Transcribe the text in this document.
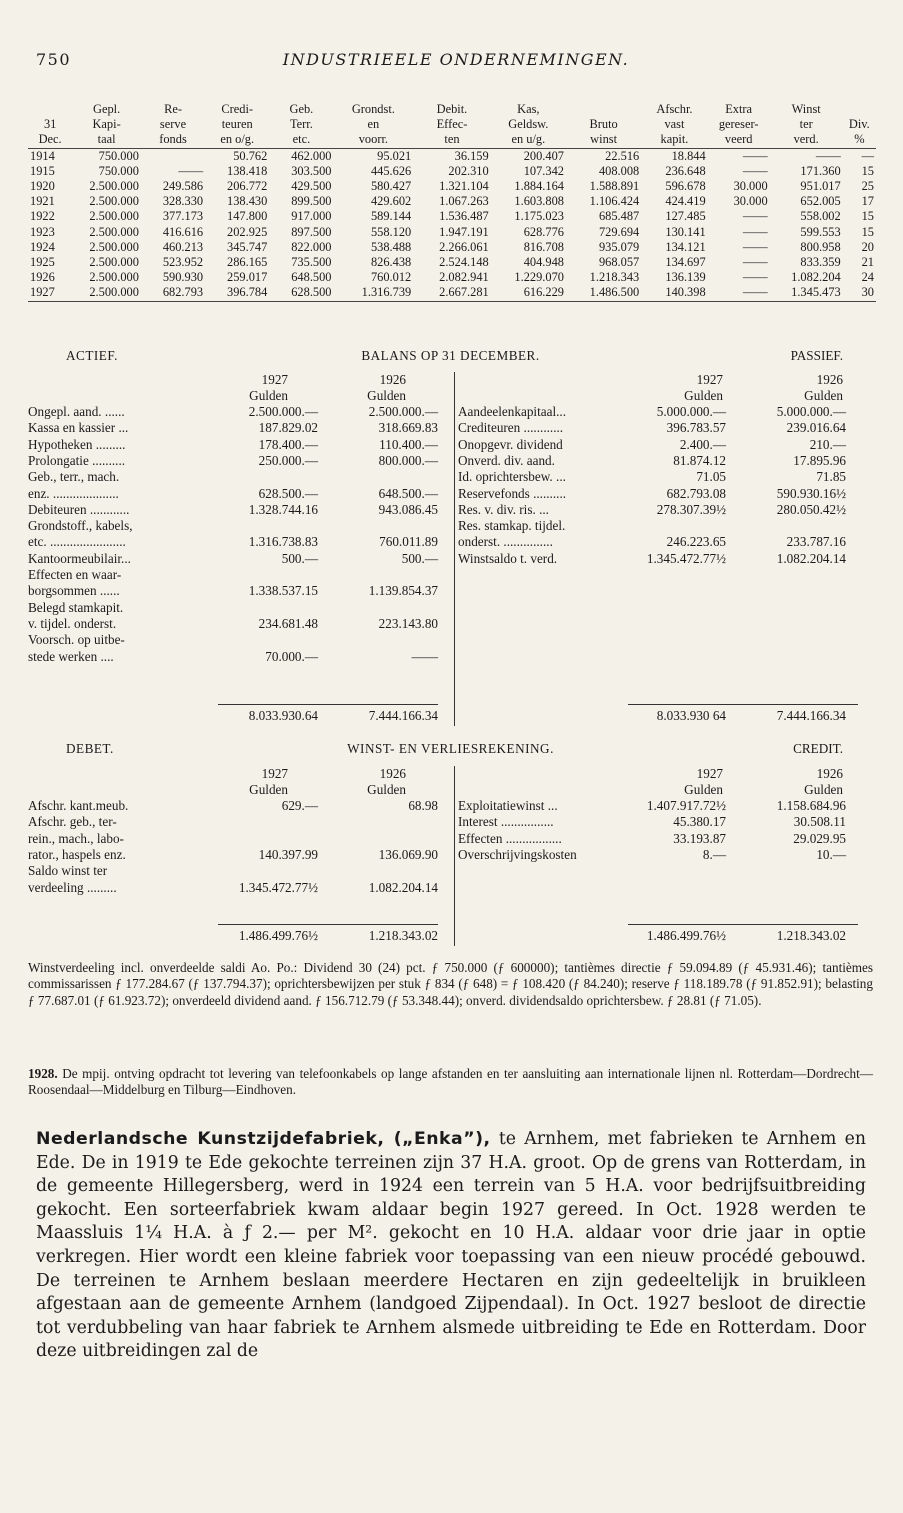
750	INDUSTRIEELE ONDERNEMINGEN.
	Gepl.	Re-	Credi-	Geb.	Grondst.	Debit.	Kas,		Afschr.	Extra	Winst	
31	Kapi-	serve	teuren	Terr.	en	Effec-	Geldsw.	Bruto	vast	gereser-	ter	Div.
Dec.	taal	fonds	en o/g.	etc.	voorr.	ten	en u/g.	winst	kapit.	veerd	verd.	%
1914	750.000		50.762	462.000	95.021	36.159	200.407	22.516	18.844	——	——	—
1915	750.000	——	138.418	303.500	445.626	202.310	107.342	408.008	236.648	——	171.360	15
1920	2.500.000	249.586	206.772	429.500	580.427	1.321.104	1.884.164	1.588.891	596.678	30.000	951.017	25
1921	2.500.000	328.330	138.430	899.500	429.602	1.067.263	1.603.808	1.106.424	424.419	30.000	652.005	17
1922	2.500.000	377.173	147.800	917.000	589.144	1.536.487	1.175.023	685.487	127.485	——	558.002	15
1923	2.500.000	416.616	202.925	897.500	558.120	1.947.191	628.776	729.694	130.141	——	599.553	15
1924	2.500.000	460.213	345.747	822.000	538.488	2.266.061	816.708	935.079	134.121	——	800.958	20
1925	2.500.000	523.952	286.165	735.500	826.438	2.524.148	404.948	968.057	134.697	——	833.359	21
1926	2.500.000	590.930	259.017	648.500	760.012	2.082.941	1.229.070	1.218.343	136.139	——	1.082.204	24
1927	2.500.000	682.793	396.784	628.500	1.316.739	2.667.281	616.229	1.486.500	140.398	——	1.345.473	30
ACTIEF.	BALANS OP 31 DECEMBER.	PASSIEF.
1927
Gulden
1926
Gulden
1927
Gulden
1926
Gulden
Ongepl. aand. ......	2.500.000.—	2.500.000.—
Kassa en kassier ...	187.829.02	318.669.83
Hypotheken .........	178.400.—	110.400.—
Prolongatie ..........	250.000.—	800.000.—
Geb., terr., mach.
enz. ....................	628.500.—	648.500.—
Debiteuren ............	1.328.744.16	943.086.45
Grondstoff., kabels,
etc. .......................	1.316.738.83	760.011.89
Kantoormeubilair...	500.—	500.—
Effecten en waar-
borgsommen ......	1.338.537.15	1.139.854.37
Belegd stamkapit.
v. tijdel. onderst.	234.681.48	223.143.80
Voorsch. op uitbe-
stede werken ....	70.000.—	——
Aandeelenkapitaal...	5.000.000.—	5.000.000.—
Crediteuren ............	396.783.57	239.016.64
Onopgevr. dividend	2.400.—	210.—
Onverd. div. aand.	81.874.12	17.895.96
Id. oprichtersbew. ...	71.05	71.85
Reservefonds ..........	682.793.08	590.930.16½
Res. v. div. ris. ...	278.307.39½	280.050.42½
Res. stamkap. tijdel.
onderst. ...............	246.223.65	233.787.16
Winstsaldo t. verd.	1.345.472.77½	1.082.204.14
8.033.930.64	7.444.166.34	8.033.930 64	7.444.166.34
DEBET.	WINST- EN VERLIESREKENING.	CREDIT.
1927
Gulden
1926
Gulden
1927
Gulden
1926
Gulden
Afschr. kant.meub.	629.—	68.98
Afschr. geb., ter-
rein., mach., labo-
rator., haspels enz.	140.397.99	136.069.90
Saldo winst ter
verdeeling .........	1.345.472.77½	1.082.204.14
Exploitatiewinst ...	1.407.917.72½	1.158.684.96
Interest ................	45.380.17	30.508.11
Effecten .................	33.193.87	29.029.95
Overschrijvingskosten	8.—	10.—
1.486.499.76½	1.218.343.02	1.486.499.76½	1.218.343.02
Winstverdeeling incl. onverdeelde saldi Ao. Po.: Dividend 30 (24) pct. ƒ 750.000 (ƒ 600000); tantièmes directie ƒ 59.094.89 (ƒ 45.931.46); tantièmes commissarissen ƒ 177.284.67 (ƒ 137.794.37); oprichtersbewijzen per stuk ƒ 834 (ƒ 648) = ƒ 108.420 (ƒ 84.240); reserve ƒ 118.189.78 (ƒ 91.852.91); belasting ƒ 77.687.01 (ƒ 61.923.72); onverdeeld dividend aand. ƒ 156.712.79 (ƒ 53.348.44); onverd. dividendsaldo oprichtersbew. ƒ 28.81 (ƒ 71.05).
1928. De mpij. ontving opdracht tot levering van telefoonkabels op lange afstanden en ter aansluiting aan internationale lijnen nl. Rotterdam—Dordrecht—Roosendaal—Middelburg en Tilburg—Eindhoven.
Nederlandsche Kunstzijdefabriek, („Enka”), te Arnhem, met fabrieken te Arnhem en Ede. De in 1919 te Ede gekochte terreinen zijn 37 H.A. groot. Op de grens van Rotterdam, in de gemeente Hillegersberg, werd in 1924 een terrein van 5 H.A. voor bedrijfsuitbreiding gekocht. Een sorteerfabriek kwam aldaar begin 1927 gereed. In Oct. 1928 werden te Maassluis 1¼ H.A. à ƒ 2.— per M². gekocht en 10 H.A. aldaar voor drie jaar in optie verkregen. Hier wordt een kleine fabriek voor toepassing van een nieuw procédé gebouwd. De terreinen te Arnhem beslaan meerdere Hectaren en zijn gedeeltelijk in bruikleen afgestaan aan de gemeente Arnhem (landgoed Zijpendaal). In Oct. 1927 besloot de directie tot verdubbeling van haar fabriek te Arnhem alsmede uitbreiding te Ede en Rotterdam. Door deze uitbreidingen zal de
